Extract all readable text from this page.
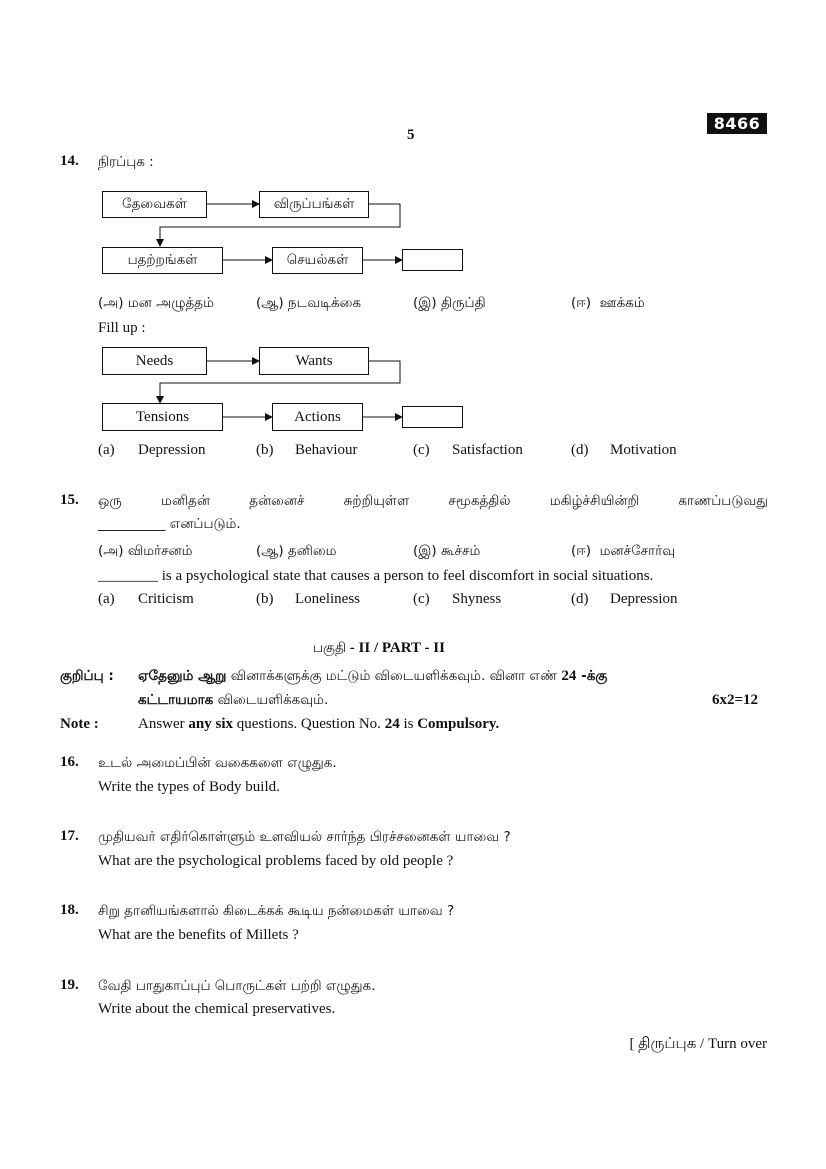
5
8466
14. நிரப்புக :
தேவைகள்	விருப்பங்கள்
பதற்றங்கள்	செயல்கள்
(அ) மன அழுத்தம்	(ஆ) நடவடிக்கை	(இ) திருப்தி	(ஈ) ஊக்கம்
Fill up :
Needs	Wants
Tensions	Actions
(a) Depression	(b) Behaviour	(c) Satisfaction	(d) Motivation
15. ஒரு மனிதன் தன்னைச் சுற்றியுள்ள சமூகத்தில் மகிழ்ச்சியின்றி காணப்படுவது
__________ எனப்படும்.
(அ) விமர்சனம்	(ஆ) தனிமை	(இ) கூச்சம்	(ஈ) மனச்சோர்வு
________ is a psychological state that causes a person to feel discomfort in social situations.
(a) Criticism	(b) Loneliness	(c) Shyness	(d) Depression
பகுதி - II / PART - II
குறிப்பு : ஏதேனும் ஆறு வினாக்களுக்கு மட்டும் விடையளிக்கவும். வினா எண் 24 -க்கு
கட்டாயமாக விடையளிக்கவும்.	6x2=12
Note :	Answer any six questions. Question No. 24 is Compulsory.
16. உடல் அமைப்பின் வகைகளை எழுதுக.
Write the types of Body build.
17. முதியவர் எதிர்கொள்ளும் உளவியல் சார்ந்த பிரச்சனைகள் யாவை ?
What are the psychological problems faced by old people ?
18. சிறு தானியங்களால் கிடைக்கக் கூடிய நன்மைகள் யாவை ?
What are the benefits of Millets ?
19. வேதி பாதுகாப்புப் பொருட்கள் பற்றி எழுதுக.
Write about the chemical preservatives.
[ திருப்புக / Turn over
